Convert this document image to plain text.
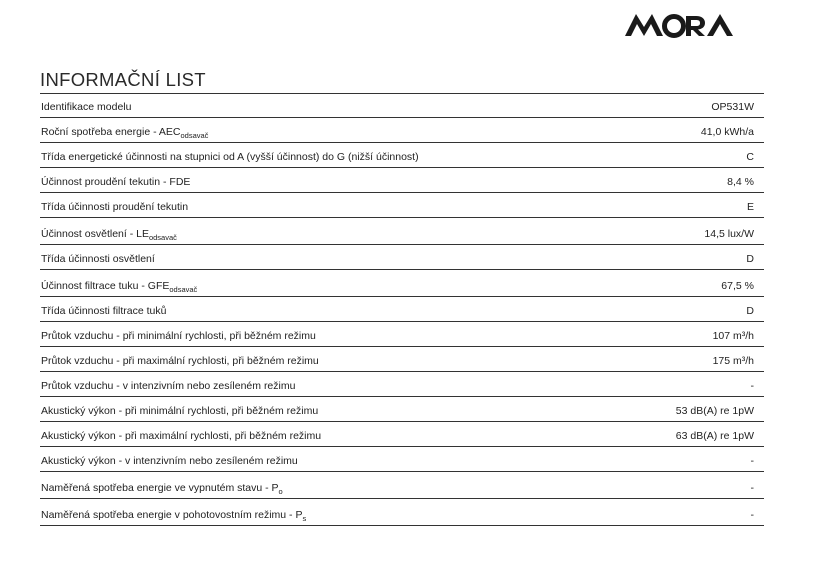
INFORMAČNÍ LIST
Identifikace modelu	OP531W
Roční spotřeba energie - $AEC_{odsavač}$	41,0 kWh/a
Třída energetické účinnosti na stupnici od A (vyšší účinnost) do G (nižší účinnost)	C
Účinnost proudění tekutin - FDE	8,4 %
Třída účinnosti proudění tekutin	E
Účinnost osvětlení - $LE_{odsavač}$	14,5 lux/W
Třída účinnosti osvětlení	D
Účinnost filtrace tuku - $GFE_{odsavač}$	67,5 %
Třída účinnosti filtrace tuků	D
Průtok vzduchu - při minimální rychlosti, při běžném režimu	107 m³/h
Průtok vzduchu - při maximální rychlosti, při běžném režimu	175 m³/h
Průtok vzduchu - v intenzivním nebo zesíleném režimu	-
Akustický výkon - při minimální rychlosti, při běžném režimu	53 dB(A) re 1pW
Akustický výkon - při maximální rychlosti, při běžném režimu	63 dB(A) re 1pW
Akustický výkon - v intenzivním nebo zesíleném režimu	-
Naměřená spotřeba energie ve vypnutém stavu - $P_o$	-
Naměřená spotřeba energie v pohotovostním režimu - $P_s$	-
